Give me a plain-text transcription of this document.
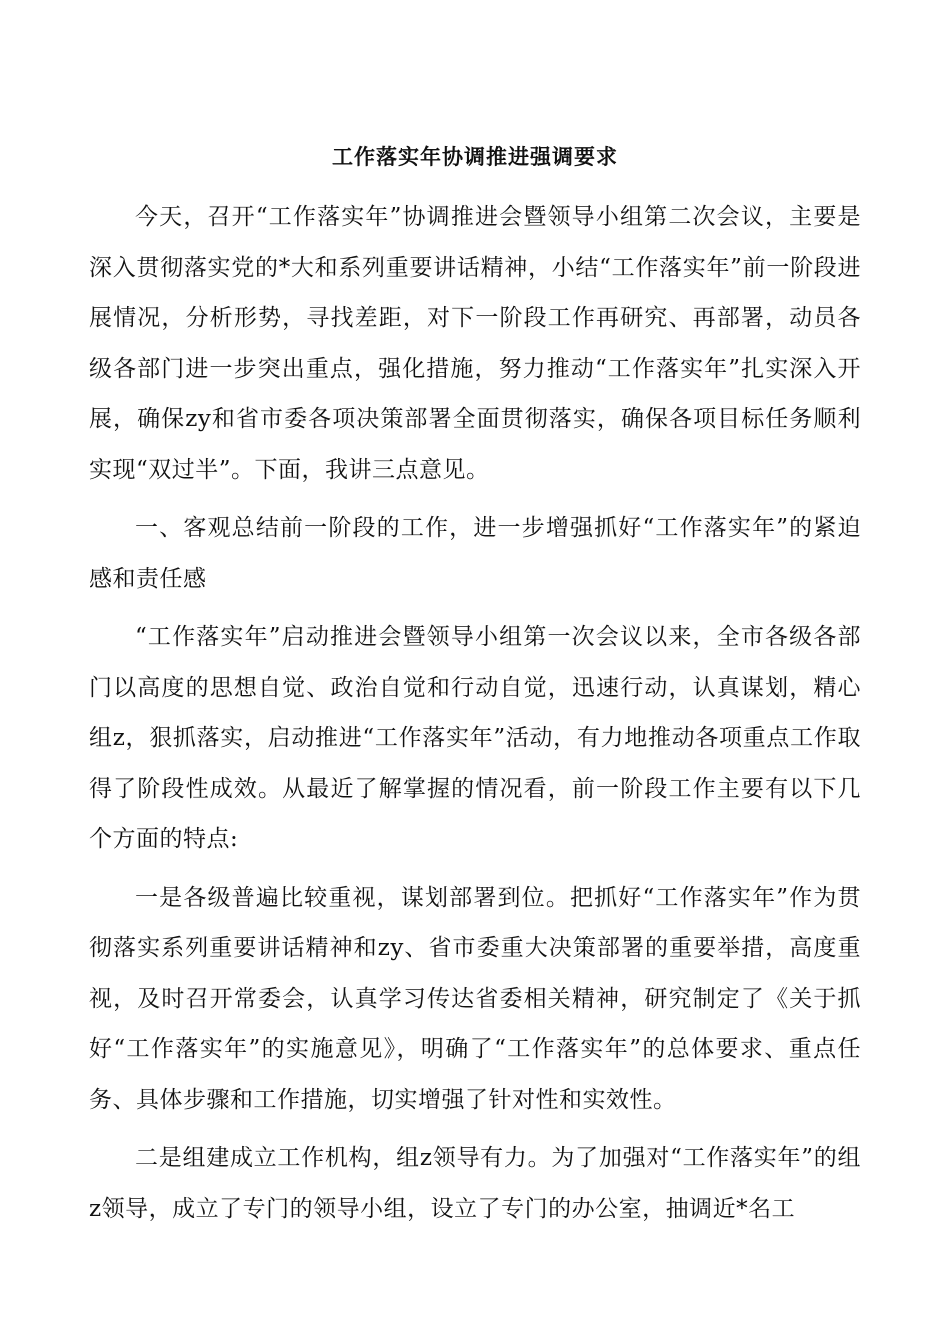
工作落实年协调推进强调要求

今天，召开“工作落实年”协调推进会暨领导小组第二次会议，主要是深入贯彻落实党的*大和系列重要讲话精神，小结“工作落实年”前一阶段进展情况，分析形势，寻找差距，对下一阶段工作再研究、再部署，动员各级各部门进一步突出重点，强化措施，努力推动“工作落实年”扎实深入开展，确保zy和省市委各项决策部署全面贯彻落实，确保各项目标任务顺利实现“双过半”。下面，我讲三点意见。

一、客观总结前一阶段的工作，进一步增强抓好“工作落实年”的紧迫感和责任感

“工作落实年”启动推进会暨领导小组第一次会议以来，全市各级各部门以高度的思想自觉、政治自觉和行动自觉，迅速行动，认真谋划，精心组z，狠抓落实，启动推进“工作落实年”活动，有力地推动各项重点工作取得了阶段性成效。从最近了解掌握的情况看，前一阶段工作主要有以下几个方面的特点:

一是各级普遍比较重视，谋划部署到位。把抓好“工作落实年”作为贯彻落实系列重要讲话精神和zy、省市委重大决策部署的重要举措，高度重视，及时召开常委会，认真学习传达省委相关精神，研究制定了《关于抓好“工作落实年”的实施意见》，明确了“工作落实年”的总体要求、重点任务、具体步骤和工作措施，切实增强了针对性和实效性。

二是组建成立工作机构，组z领导有力。为了加强对“工作落实年”的组z领导，成立了专门的领导小组，设立了专门的办公室，抽调近*名工
